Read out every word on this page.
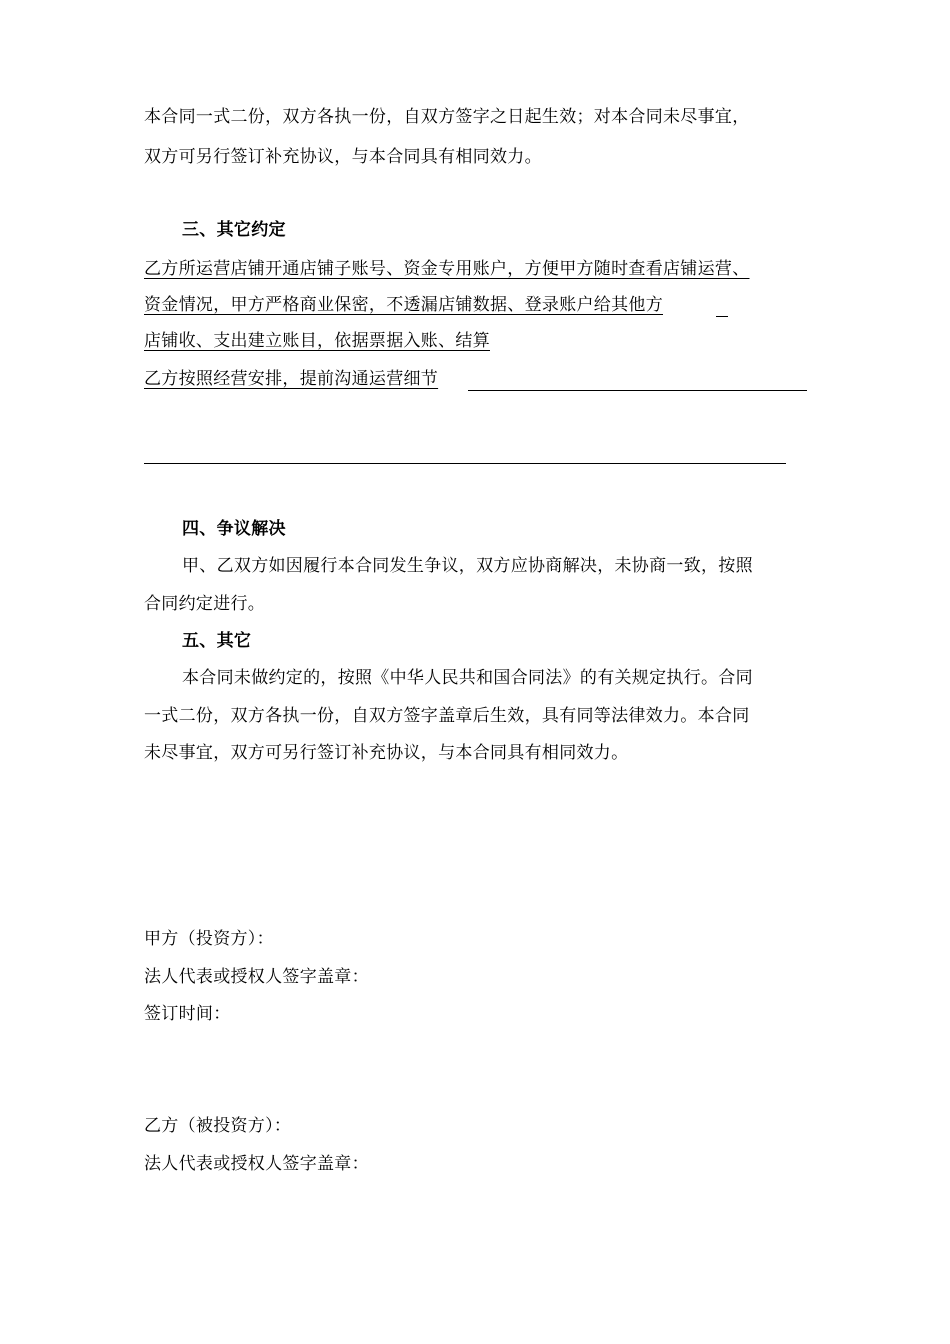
本合同一式二份，双方各执一份，自双方签字之日起生效；对本合同未尽事宜，
双方可另行签订补充协议，与本合同具有相同效力。
三、其它约定
乙方所运营店铺开通店铺子账号、资金专用账户，方便甲方随时查看店铺运营、
资金情况，甲方严格商业保密，不透漏店铺数据、登录账户给其他方
店铺收、支出建立账目，依据票据入账、结算
乙方按照经营安排，提前沟通运营细节
四、争议解决
甲、乙双方如因履行本合同发生争议，双方应协商解决，未协商一致，按照
合同约定进行。
五、其它
本合同未做约定的，按照《中华人民共和国合同法》的有关规定执行。合同
一式二份，双方各执一份，自双方签字盖章后生效，具有同等法律效力。本合同
未尽事宜，双方可另行签订补充协议，与本合同具有相同效力。
甲方（投资方）：
法人代表或授权人签字盖章：
签订时间：
乙方（被投资方）：
法人代表或授权人签字盖章：
